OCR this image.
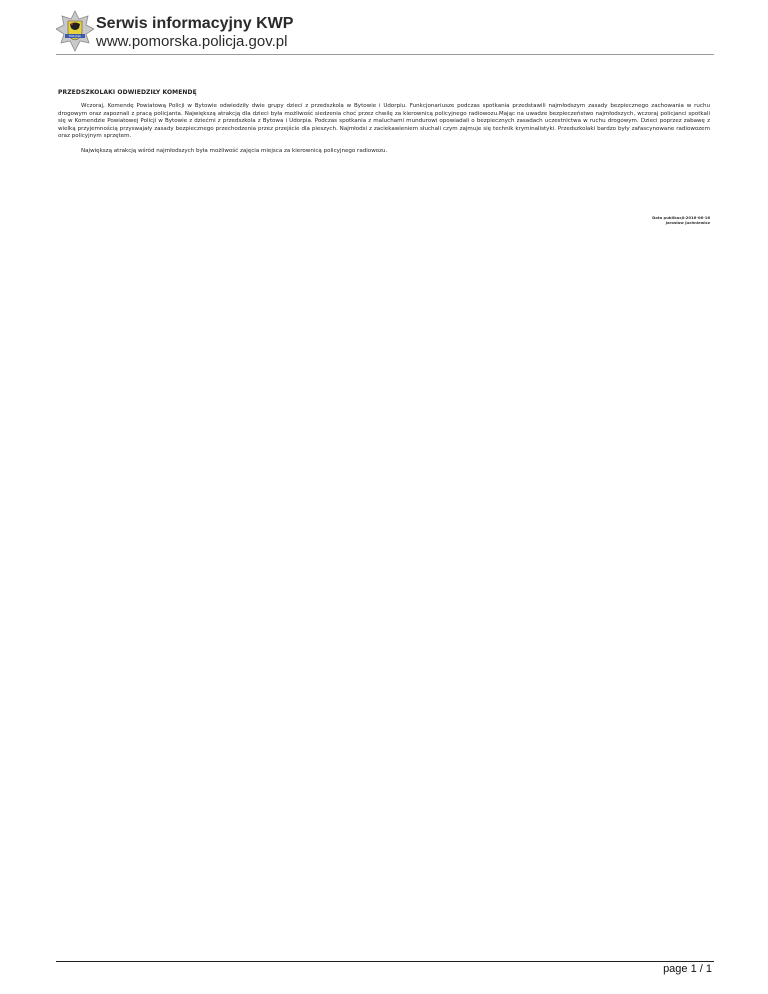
POLICJA
Serwis informacyjny KWP
www.pomorska.policja.gov.pl
PRZEDSZKOLAKI ODWIEDZIŁY KOMENDĘ

Wczoraj, Komendę Powiatową Policji w Bytowie odwiedziły dwie grupy dzieci z przedszkola w Bytowie i Udorpiu. Funkcjonariusze podczas spotkania przedstawili najmłodszym zasady bezpiecznego zachowania w ruchu drogowym oraz zapoznali z pracą policjanta. Największą atrakcją dla dzieci była możliwość siedzenia choć przez chwilę za kierownicą policyjnego radiowozu.Mając na uwadze bezpieczeństwo najmłodszych, wczoraj policjanci spotkali się w Komendzie Powiatowej Policji w Bytowie z dziećmi z przedszkola z Bytowa i Udorpia. Podczas spotkania z maluchami mundurowi opowiadali o bezpiecznych zasadach uczestnictwa w ruchu drogowym. Dzieci poprzez zabawę z wielką przyjemnością przyswajały zasady bezpiecznego przechodzenia przez przejście dla pieszych. Najmłodsi z zaciekawieniem słuchali czym zajmuje się technik kryminalistyki. Przedszkolaki bardzo były zafascynowane radiowozem oraz policyjnym sprzętem.

Największą atrakcją wśród najmłodszych była możliwość zajęcia miejsca za kierownicą policyjnego radiowozu.

Data publikacji:2016-06-16
Jarosław Juchniewicz
page 1 / 1
